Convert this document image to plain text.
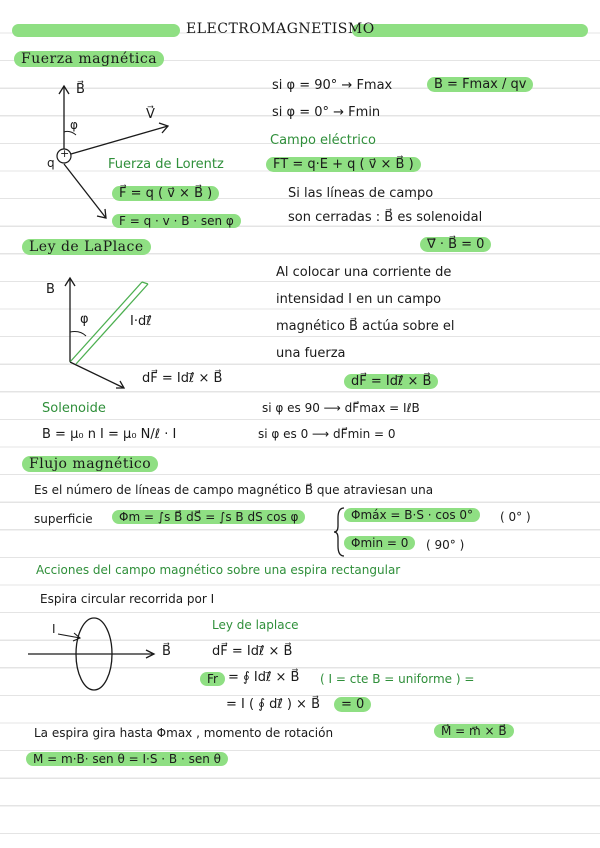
ELECTROMAGNETISMO
Fuerza magnética
B⃗
φ
V⃗
q
+
Fuerza de Lorentz
F⃗ = q ( v⃗ × B⃗ )
F = q · v · B · sen φ
si φ = 90° → Fmax	B = Fmax / qv
si φ = 0° → Fmin
Campo eléctrico
FT = q·E + q ( v⃗ × B⃗ )
Si las líneas de campo
son cerradas : B⃗ es solenoidal
Ley de LaPlace	∇⃗ · B⃗ = 0
B
φ	I·dℓ⃗
dF⃗ = Idℓ⃗ × B⃗
Al colocar una corriente de
intensidad I en un campo
magnético B⃗ actúa sobre el
una fuerza
dF⃗ = Idℓ⃗ × B⃗
Solenoide
B = μ₀ n I = μ₀ N/ℓ · I
si φ es 90 ⟶ dF⃗max = IℓB
si φ es 0 ⟶ dF⃗min = 0
Flujo magnético
Es el número de líneas de campo magnético B⃗ que atraviesan una
superficie	Φm = ∫s B⃗ dS⃗ = ∫s B dS cos φ	Φmáx = B·S · cos 0°	( 0° )
Φmin = 0	( 90° )
Acciones del campo magnético sobre una espira rectangular
Espira circular recorrida por I
I
B⃗
Ley de laplace
dF⃗ = Idℓ⃗ × B⃗
Fr = ∮ Idℓ⃗ × B⃗ ( I = cte B = uniforme ) =
= I ( ∮ dℓ⃗ ) × B⃗	= 0
La espira gira hasta Φmax , momento de rotación	M⃗ = m⃗ × B⃗
M = m·B· sen θ = I·S · B · sen θ
